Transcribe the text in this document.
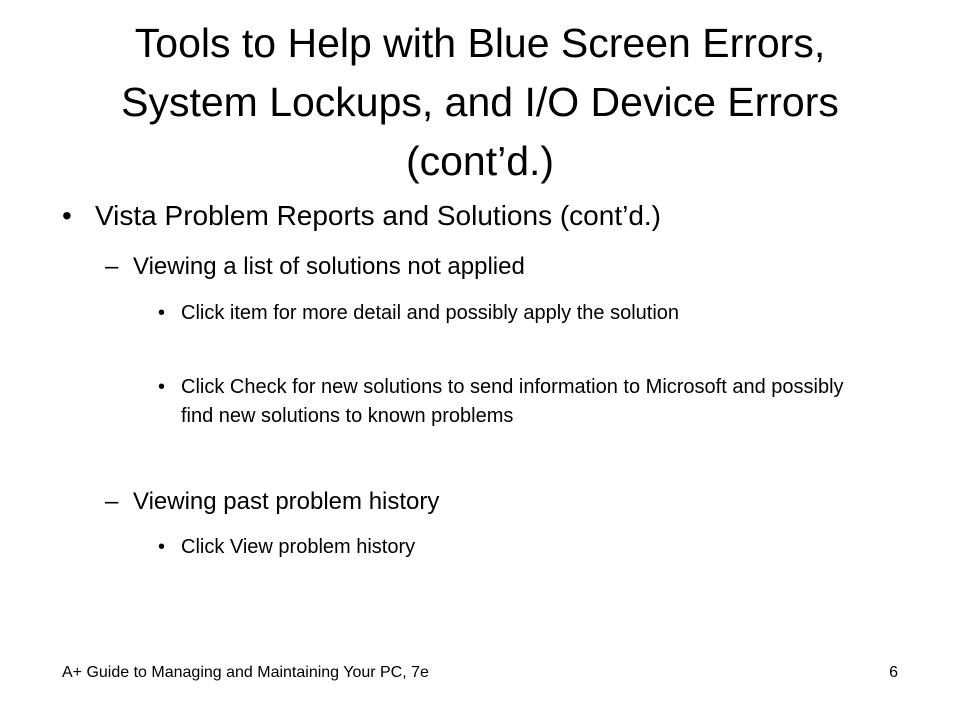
Tools to Help with Blue Screen Errors,
System Lockups, and I/O Device Errors
(cont’d.)
• Vista Problem Reports and Solutions (cont’d.)
– Viewing a list of solutions not applied
• Click item for more detail and possibly apply the solution
• Click Check for new solutions to send information to Microsoft and possibly find new solutions to known problems
– Viewing past problem history
• Click View problem history
A+ Guide to Managing and Maintaining Your PC, 7e	6
